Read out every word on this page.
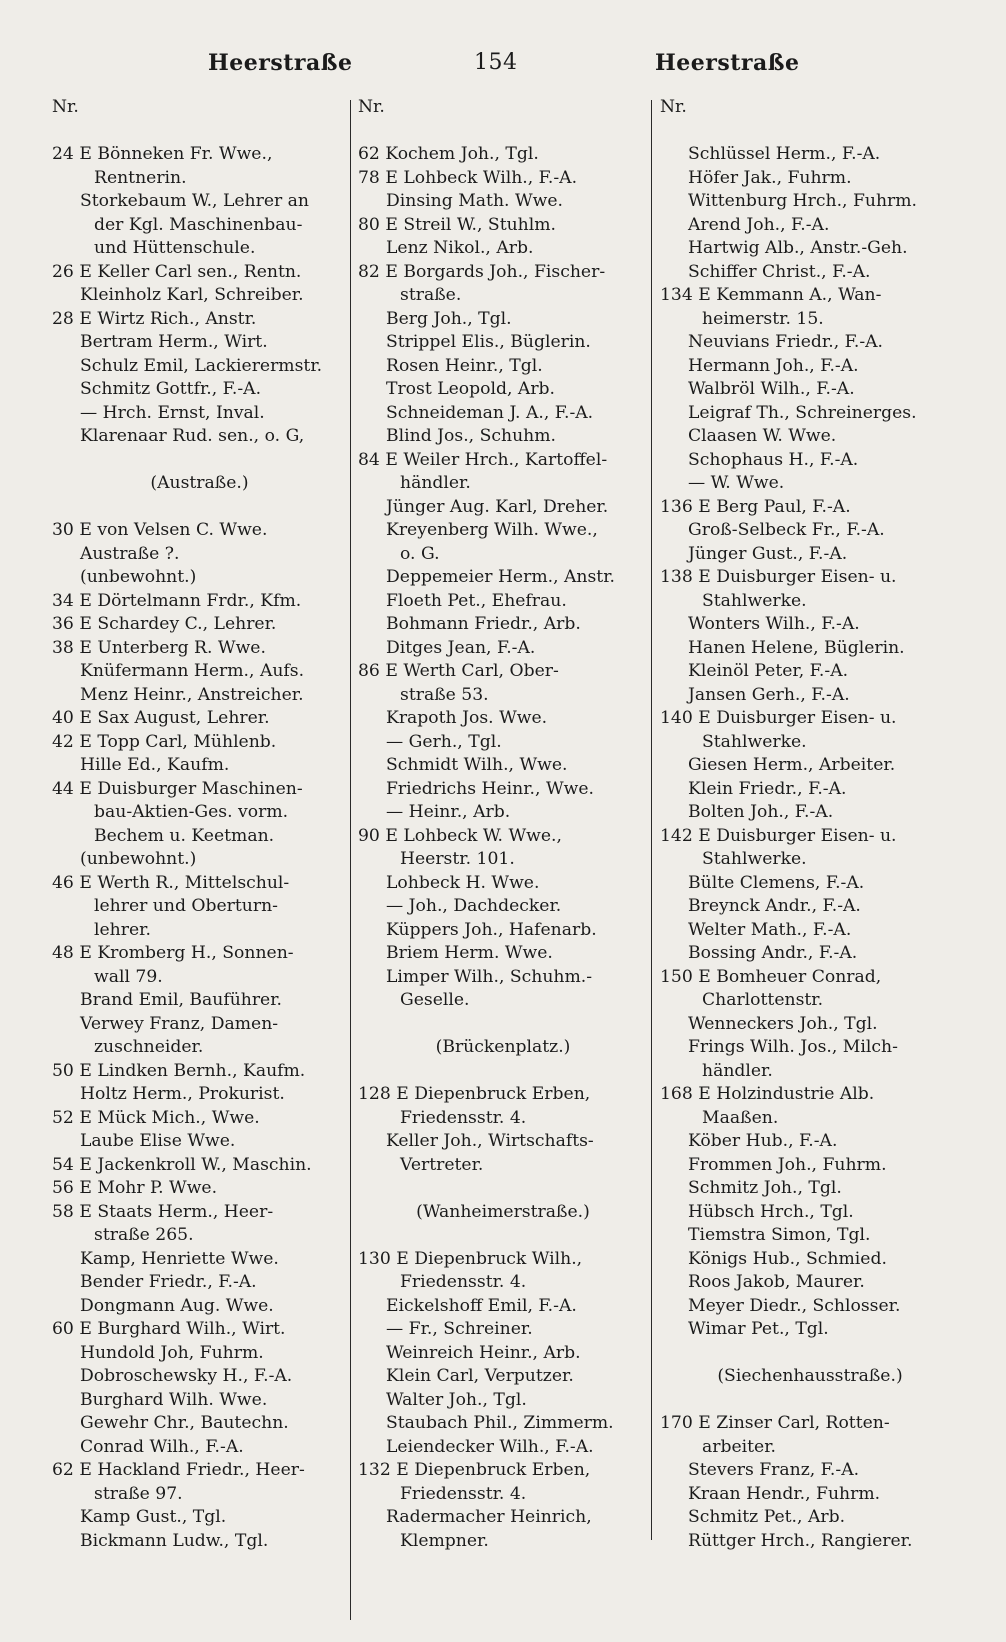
Heerstraße	154	Heerstraße
Nr.
24 E Bönneken Fr. Wwe.,
Rentnerin.
Storkebaum W., Lehrer an
der Kgl. Maschinenbau-
und Hüttenschule.
26 E Keller Carl sen., Rentn.
Kleinholz Karl, Schreiber.
28 E Wirtz Rich., Anstr.
Bertram Herm., Wirt.
Schulz Emil, Lackierermstr.
Schmitz Gottfr., F.-A.
— Hrch. Ernst, Inval.
Klarenaar Rud. sen., o. G,
(Austraße.)
30 E von Velsen C. Wwe.
Austraße ?.
(unbewohnt.)
34 E Dörtelmann Frdr., Kfm.
36 E Schardey C., Lehrer.
38 E Unterberg R. Wwe.
Knüfermann Herm., Aufs.
Menz Heinr., Anstreicher.
40 E Sax August, Lehrer.
42 E Topp Carl, Mühlenb.
Hille Ed., Kaufm.
44 E Duisburger Maschinen-
bau-Aktien-Ges. vorm.
Bechem u. Keetman.
(unbewohnt.)
46 E Werth R., Mittelschul-
lehrer und Oberturn-
lehrer.
48 E Kromberg H., Sonnen-
wall 79.
Brand Emil, Bauführer.
Verwey Franz, Damen-
zuschneider.
50 E Lindken Bernh., Kaufm.
Holtz Herm., Prokurist.
52 E Mück Mich., Wwe.
Laube Elise Wwe.
54 E Jackenkroll W., Maschin.
56 E Mohr P. Wwe.
58 E Staats Herm., Heer-
straße 265.
Kamp, Henriette Wwe.
Bender Friedr., F.-A.
Dongmann Aug. Wwe.
60 E Burghard Wilh., Wirt.
Hundold Joh, Fuhrm.
Dobroschewsky H., F.-A.
Burghard Wilh. Wwe.
Gewehr Chr., Bautechn.
Conrad Wilh., F.-A.
62 E Hackland Friedr., Heer-
straße 97.
Kamp Gust., Tgl.
Bickmann Ludw., Tgl.
Nr.
62 Kochem Joh., Tgl.
78 E Lohbeck Wilh., F.-A.
Dinsing Math. Wwe.
80 E Streil W., Stuhlm.
Lenz Nikol., Arb.
82 E Borgards Joh., Fischer-
straße.
Berg Joh., Tgl.
Strippel Elis., Büglerin.
Rosen Heinr., Tgl.
Trost Leopold, Arb.
Schneideman J. A., F.-A.
Blind Jos., Schuhm.
84 E Weiler Hrch., Kartoffel-
händler.
Jünger Aug. Karl, Dreher.
Kreyenberg Wilh. Wwe.,
o. G.
Deppemeier Herm., Anstr.
Floeth Pet., Ehefrau.
Bohmann Friedr., Arb.
Ditges Jean, F.-A.
86 E Werth Carl, Ober-
straße 53.
Krapoth Jos. Wwe.
— Gerh., Tgl.
Schmidt Wilh., Wwe.
Friedrichs Heinr., Wwe.
— Heinr., Arb.
90 E Lohbeck W. Wwe.,
Heerstr. 101.
Lohbeck H. Wwe.
— Joh., Dachdecker.
Küppers Joh., Hafenarb.
Briem Herm. Wwe.
Limper Wilh., Schuhm.-
Geselle.
(Brückenplatz.)
128 E Diepenbruck Erben,
Friedensstr. 4.
Keller Joh., Wirtschafts-
Vertreter.
(Wanheimerstraße.)
130 E Diepenbruck Wilh.,
Friedensstr. 4.
Eickelshoff Emil, F.-A.
— Fr., Schreiner.
Weinreich Heinr., Arb.
Klein Carl, Verputzer.
Walter Joh., Tgl.
Staubach Phil., Zimmerm.
Leiendecker Wilh., F.-A.
132 E Diepenbruck Erben,
Friedensstr. 4.
Radermacher Heinrich,
Klempner.
Nr.
Schlüssel Herm., F.-A.
Höfer Jak., Fuhrm.
Wittenburg Hrch., Fuhrm.
Arend Joh., F.-A.
Hartwig Alb., Anstr.-Geh.
Schiffer Christ., F.-A.
134 E Kemmann A., Wan-
heimerstr. 15.
Neuvians Friedr., F.-A.
Hermann Joh., F.-A.
Walbröl Wilh., F.-A.
Leigraf Th., Schreinerges.
Claasen W. Wwe.
Schophaus H., F.-A.
— W. Wwe.
136 E Berg Paul, F.-A.
Groß-Selbeck Fr., F.-A.
Jünger Gust., F.-A.
138 E Duisburger Eisen- u.
Stahlwerke.
Wonters Wilh., F.-A.
Hanen Helene, Büglerin.
Kleinöl Peter, F.-A.
Jansen Gerh., F.-A.
140 E Duisburger Eisen- u.
Stahlwerke.
Giesen Herm., Arbeiter.
Klein Friedr., F.-A.
Bolten Joh., F.-A.
142 E Duisburger Eisen- u.
Stahlwerke.
Bülte Clemens, F.-A.
Breynck Andr., F.-A.
Welter Math., F.-A.
Bossing Andr., F.-A.
150 E Bomheuer Conrad,
Charlottenstr.
Wenneckers Joh., Tgl.
Frings Wilh. Jos., Milch-
händler.
168 E Holzindustrie Alb.
Maaßen.
Köber Hub., F.-A.
Frommen Joh., Fuhrm.
Schmitz Joh., Tgl.
Hübsch Hrch., Tgl.
Tiemstra Simon, Tgl.
Königs Hub., Schmied.
Roos Jakob, Maurer.
Meyer Diedr., Schlosser.
Wimar Pet., Tgl.
(Siechenhausstraße.)
170 E Zinser Carl, Rotten-
arbeiter.
Stevers Franz, F.-A.
Kraan Hendr., Fuhrm.
Schmitz Pet., Arb.
Rüttger Hrch., Rangierer.
